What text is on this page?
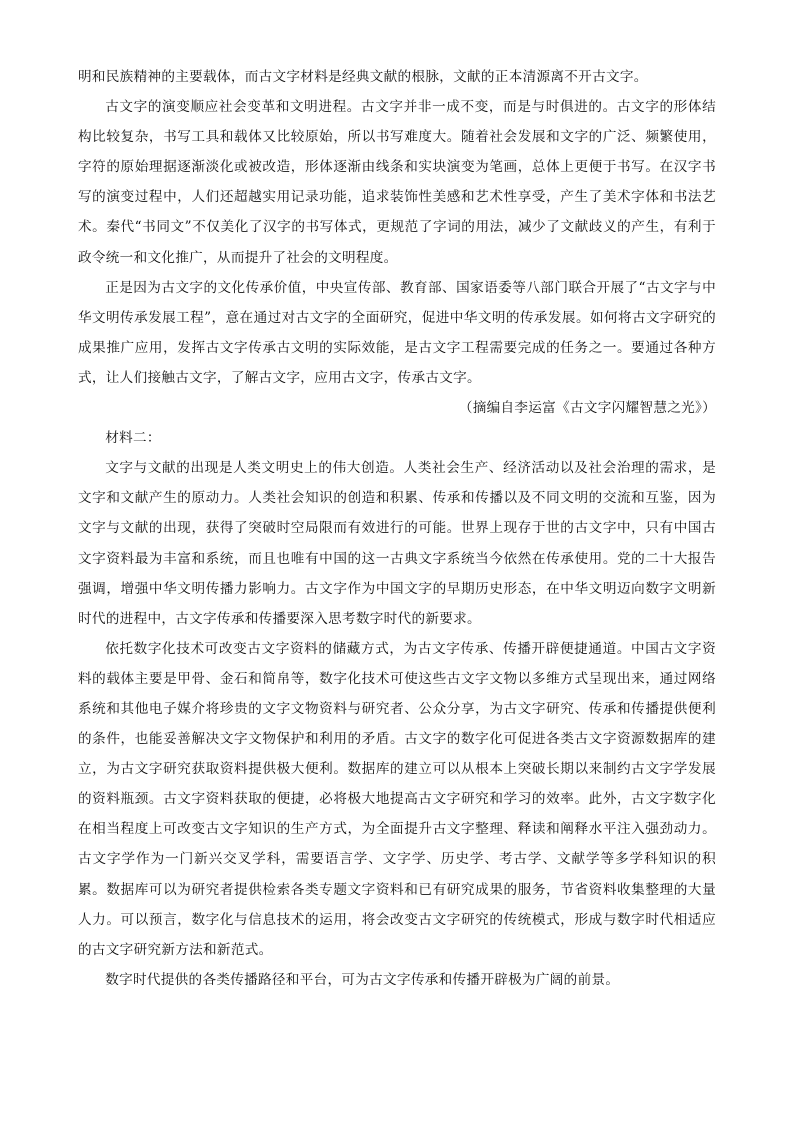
明和民族精神的主要载体，而古文字材料是经典文献的根脉，文献的正本清源离不开古文字。

古文字的演变顺应社会变革和文明进程。古文字并非一成不变，而是与时俱进的。古文字的形体结构比较复杂，书写工具和载体又比较原始，所以书写难度大。随着社会发展和文字的广泛、频繁使用，字符的原始理据逐渐淡化或被改造，形体逐渐由线条和实块演变为笔画，总体上更便于书写。在汉字书写的演变过程中，人们还超越实用记录功能，追求装饰性美感和艺术性享受，产生了美术字体和书法艺术。秦代“书同文”不仅美化了汉字的书写体式，更规范了字词的用法，减少了文献歧义的产生，有利于政令统一和文化推广，从而提升了社会的文明程度。

正是因为古文字的文化传承价值，中央宣传部、教育部、国家语委等八部门联合开展了“古文字与中华文明传承发展工程”，意在通过对古文字的全面研究，促进中华文明的传承发展。如何将古文字研究的成果推广应用，发挥古文字传承古文明的实际效能，是古文字工程需要完成的任务之一。要通过各种方式，让人们接触古文字，了解古文字，应用古文字，传承古文字。

（摘编自李运富《古文字闪耀智慧之光》）

材料二：

文字与文献的出现是人类文明史上的伟大创造。人类社会生产、经济活动以及社会治理的需求，是文字和文献产生的原动力。人类社会知识的创造和积累、传承和传播以及不同文明的交流和互鉴，因为文字与文献的出现，获得了突破时空局限而有效进行的可能。世界上现存于世的古文字中，只有中国古文字资料最为丰富和系统，而且也唯有中国的这一古典文字系统当今依然在传承使用。党的二十大报告强调，增强中华文明传播力影响力。古文字作为中国文字的早期历史形态，在中华文明迈向数字文明新时代的进程中，古文字传承和传播要深入思考数字时代的新要求。

依托数字化技术可改变古文字资料的储藏方式，为古文字传承、传播开辟便捷通道。中国古文字资料的载体主要是甲骨、金石和简帛等，数字化技术可使这些古文字文物以多维方式呈现出来，通过网络系统和其他电子媒介将珍贵的文字文物资料与研究者、公众分享，为古文字研究、传承和传播提供便利的条件，也能妥善解决文字文物保护和利用的矛盾。古文字的数字化可促进各类古文字资源数据库的建立，为古文字研究获取资料提供极大便利。数据库的建立可以从根本上突破长期以来制约古文字学发展的资料瓶颈。古文字资料获取的便捷，必将极大地提高古文字研究和学习的效率。此外，古文字数字化在相当程度上可改变古文字知识的生产方式，为全面提升古文字整理、释读和阐释水平注入强劲动力。古文字学作为一门新兴交叉学科，需要语言学、文字学、历史学、考古学、文献学等多学科知识的积累。数据库可以为研究者提供检索各类专题文字资料和已有研究成果的服务，节省资料收集整理的大量人力。可以预言，数字化与信息技术的运用，将会改变古文字研究的传统模式，形成与数字时代相适应的古文字研究新方法和新范式。

数字时代提供的各类传播路径和平台，可为古文字传承和传播开辟极为广阔的前景。
